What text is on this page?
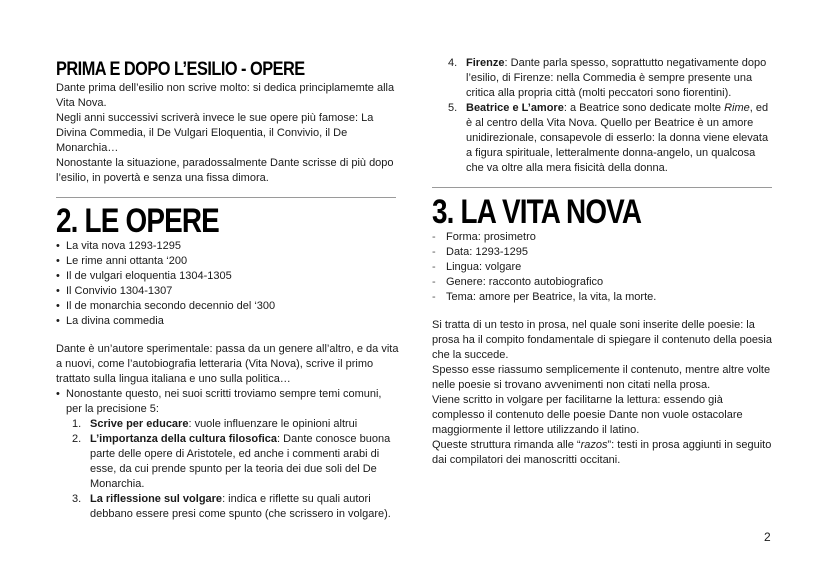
PRIMA E DOPO L’ESILIO - OPERE

Dante prima dell’esilio non scrive molto: si dedica principlamemte alla Vita Nova.

Negli anni successivi scriverà invece le sue opere più famose: La Divina Commedia, il De Vulgari Eloquentia, il Convivio, il De Monarchia…

Nonostante la situazione, paradossalmente Dante scrisse di più dopo l’esilio, in povertà e senza una fissa dimora.

2. LE OPERE
• La vita nova 1293-1295
• Le rime anni ottanta ‘200
• Il de vulgari eloquentia 1304-1305
• Il Convivio 1304-1307
• Il de monarchia secondo decennio del ‘300
• La divina commedia

Dante è un’autore sperimentale: passa da un genere all’altro, e da vita a nuovi, come l’autobiografia letteraria (Vita Nova), scrive il primo trattato sulla lingua italiana e uno sulla politica…

• Nonostante questo, nei suoi scritti troviamo sempre temi comuni, per la precisione 5:
1. Scrive per educare: vuole influenzare le opinioni altrui
2. L’importanza della cultura filosofica: Dante conosce buona parte delle opere di Aristotele, ed anche i commenti arabi di esse, da cui prende spunto per la teoria dei due soli del De Monarchia.
3. La riflessione sul volgare: indica e riflette su quali autori debbano essere presi come spunto (che scrissero in volgare).
4. Firenze: Dante parla spesso, soprattutto negativamente dopo l’esilio, di Firenze: nella Commedia è sempre presente una critica alla propria città (molti peccatori sono fiorentini).
5. Beatrice e L’amore: a Beatrice sono dedicate molte Rime, ed è al centro della Vita Nova. Quello per Beatrice è un amore unidirezionale, consapevole di esserlo: la donna viene elevata a figura spirituale, letteralmente donna-angelo, un qualcosa che va oltre alla mera fisicità della donna.
3. LA VITA NOVA
- Forma: prosimetro
- Data: 1293-1295
- Lingua: volgare
- Genere: racconto autobiografico
- Tema: amore per Beatrice, la vita, la morte.

Si tratta di un testo in prosa, nel quale soni inserite delle poesie: la prosa ha il compito fondamentale di spiegare il contenuto della poesia che la succede.

Spesso esse riassumo semplicemente il contenuto, mentre altre volte nelle poesie si trovano avvenimenti non citati nella prosa.

Viene scritto in volgare per facilitarne la lettura: essendo già complesso il contenuto delle poesie Dante non vuole ostacolare maggiormente il lettore utilizzando il latino.

Queste struttura rimanda alle “razos”: testi in prosa aggiunti in seguito dai compilatori dei manoscritti occitani.

2
